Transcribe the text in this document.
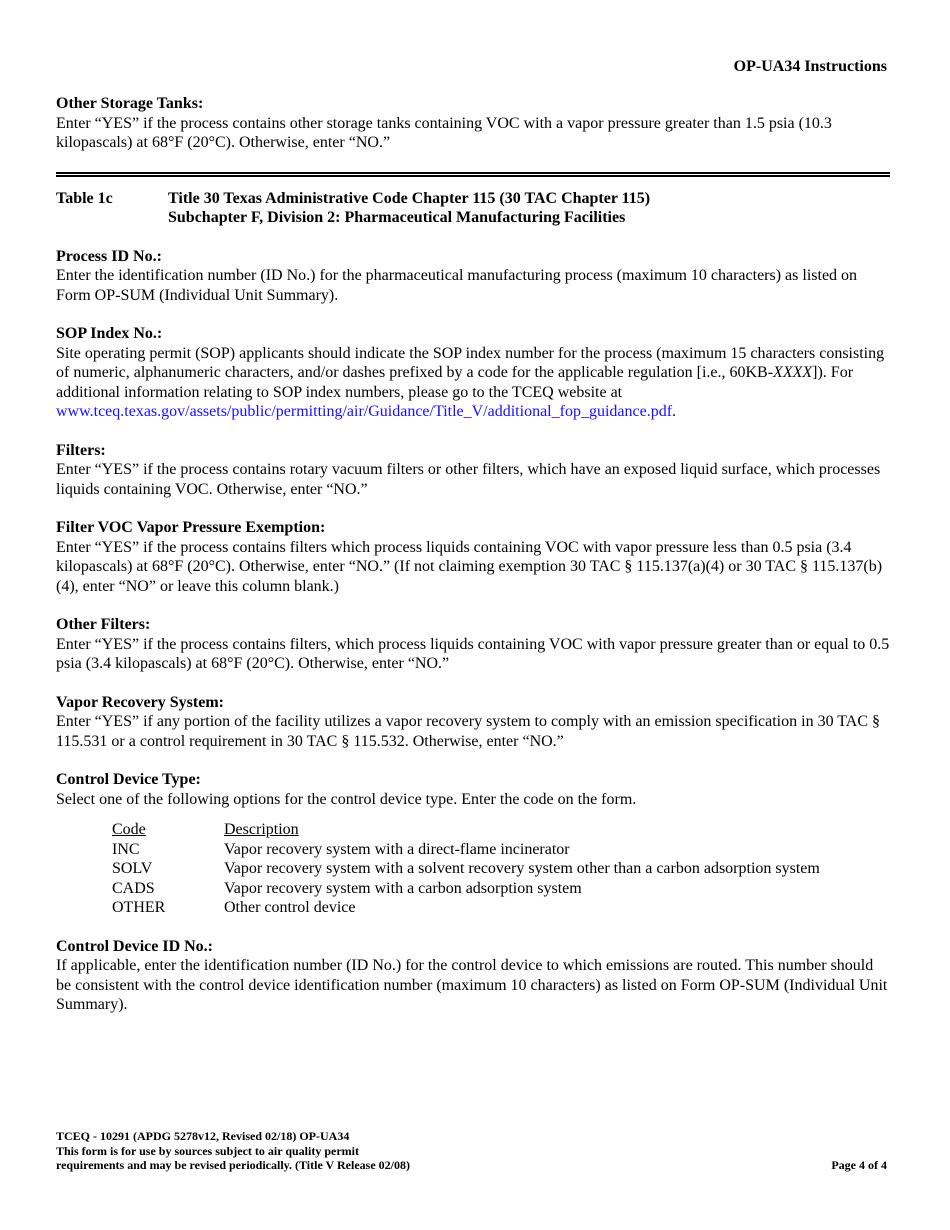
OP-UA34 Instructions
Other Storage Tanks:
Enter “YES” if the process contains other storage tanks containing VOC with a vapor pressure greater than 1.5 psia (10.3 kilopascals) at 68°F (20°C). Otherwise, enter “NO.”
Table 1c	Title 30 Texas Administrative Code Chapter 115 (30 TAC Chapter 115)
Subchapter F, Division 2: Pharmaceutical Manufacturing Facilities
Process ID No.:
Enter the identification number (ID No.) for the pharmaceutical manufacturing process (maximum 10 characters) as listed on Form OP-SUM (Individual Unit Summary).
SOP Index No.:
Site operating permit (SOP) applicants should indicate the SOP index number for the process (maximum 15 characters consisting of numeric, alphanumeric characters, and/or dashes prefixed by a code for the applicable regulation [i.e., 60KB-XXXX]). For additional information relating to SOP index numbers, please go to the TCEQ website at www.tceq.texas.gov/assets/public/permitting/air/Guidance/Title_V/additional_fop_guidance.pdf.
Filters:
Enter “YES” if the process contains rotary vacuum filters or other filters, which have an exposed liquid surface, which processes liquids containing VOC. Otherwise, enter “NO.”
Filter VOC Vapor Pressure Exemption:
Enter “YES” if the process contains filters which process liquids containing VOC with vapor pressure less than 0.5 psia (3.4 kilopascals) at 68°F (20°C). Otherwise, enter “NO.” (If not claiming exemption 30 TAC § 115.137(a)(4) or 30 TAC § 115.137(b)(4), enter “NO” or leave this column blank.)
Other Filters:
Enter “YES” if the process contains filters, which process liquids containing VOC with vapor pressure greater than or equal to 0.5 psia (3.4 kilopascals) at 68°F (20°C). Otherwise, enter “NO.”
Vapor Recovery System:
Enter “YES” if any portion of the facility utilizes a vapor recovery system to comply with an emission specification in 30 TAC § 115.531 or a control requirement in 30 TAC § 115.532. Otherwise, enter “NO.”
Control Device Type:
Select one of the following options for the control device type. Enter the code on the form.
Code	Description
INC	Vapor recovery system with a direct-flame incinerator
SOLV	Vapor recovery system with a solvent recovery system other than a carbon adsorption system
CADS	Vapor recovery system with a carbon adsorption system
OTHER	Other control device
Control Device ID No.:
If applicable, enter the identification number (ID No.) for the control device to which emissions are routed. This number should be consistent with the control device identification number (maximum 10 characters) as listed on Form OP-SUM (Individual Unit Summary).
TCEQ - 10291 (APDG 5278v12, Revised 02/18) OP-UA34
This form is for use by sources subject to air quality permit
requirements and may be revised periodically. (Title V Release 02/08)	Page 4 of 4
